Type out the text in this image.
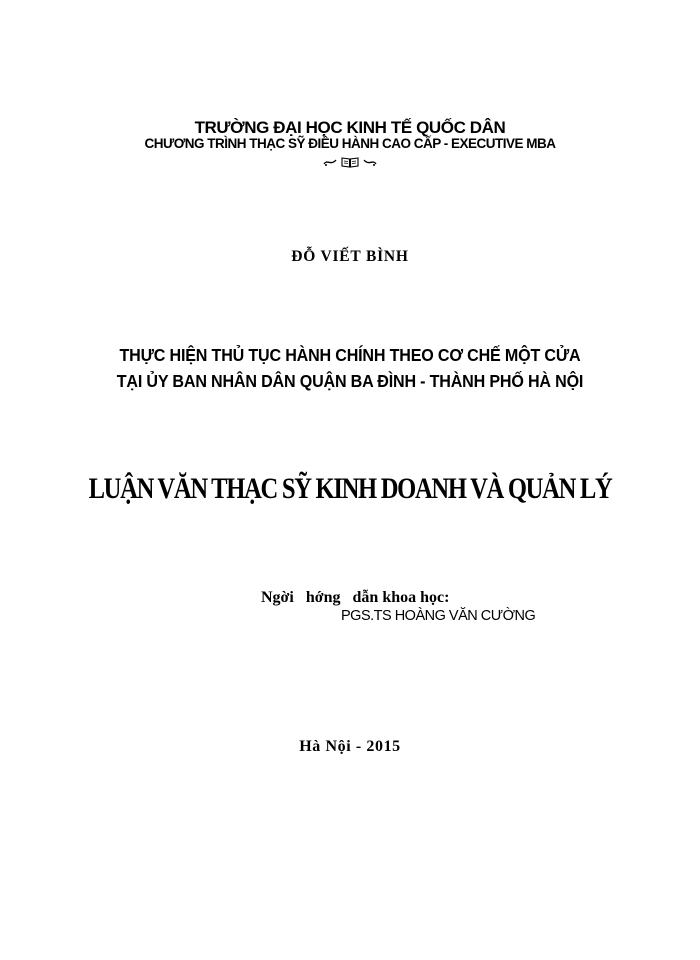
TRƯỜNG ĐẠI HỌC KINH TẾ QUỐC DÂN
CHƯƠNG TRÌNH THẠC SỸ ĐIỀU HÀNH CAO CẤP - EXECUTIVE MBA
ĐỖ VIẾT BÌNH
THỰC HIỆN THỦ TỤC HÀNH CHÍNH THEO CƠ CHẾ MỘT CỬA
TẠI ỦY BAN NHÂN DÂN QUẬN BA ĐÌNH - THÀNH PHỐ HÀ NỘI
LUẬN VĂN THẠC SỸ KINH DOANH VÀ QUẢN LÝ
Ngời   hớng   dẫn khoa học:
PGS.TS HOÀNG VĂN CƯỜNG
Hà Nội - 2015
